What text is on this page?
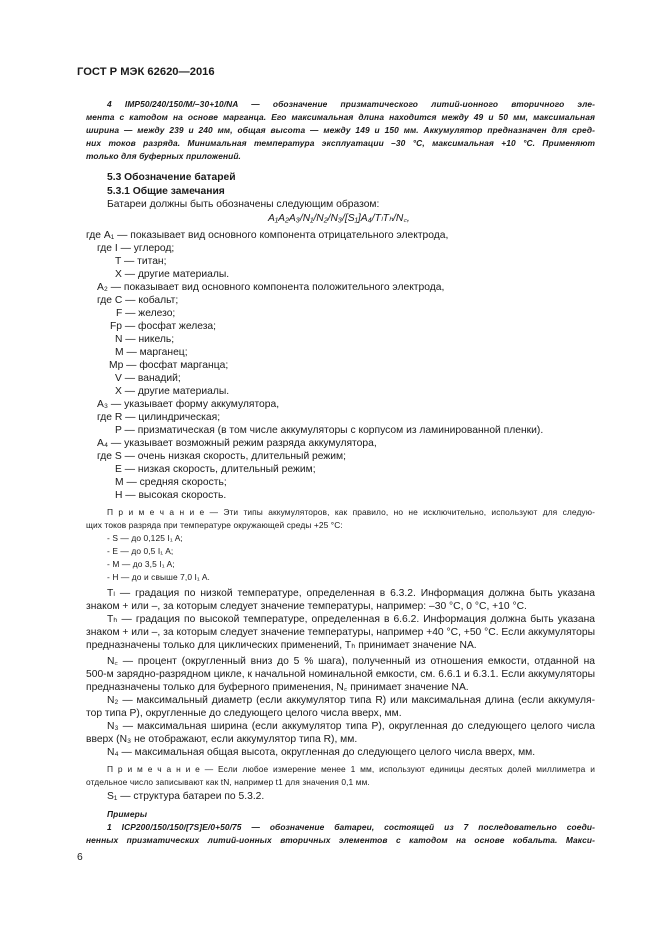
ГОСТ Р МЭК 62620—2016
4 IMP50/240/150/M/–30+10/NA — обозначение призматического литий-ионного вторичного эле-
мента с катодом на основе марганца. Его максимальная длина находится между 49 и 50 мм, максимальная
ширина — между 239 и 240 мм, общая высота — между 149 и 150 мм. Аккумулятор предназначен для сред-
них токов разряда. Минимальная температура эксплуатации –30 °C, максимальная +10 °C. Применяют
только для буферных приложений.
5.3 Обозначение батарей
5.3.1 Общие замечания
Батареи должны быть обозначены следующим образом:
A₁A₂A₃/N₁/N₂/N₃/[S₁]A₄/TₗTₕ/N꜀,
где A₁ — показывает вид основного компонента отрицательного электрода,
где I — углерод;
T — титан;
X — другие материалы.
A₂ — показывает вид основного компонента положительного электрода,
где C — кобальт;
F — железо;
Fp — фосфат железа;
N — никель;
M — марганец;
Mp — фосфат марганца;
V — ванадий;
X — другие материалы.
A₃ — указывает форму аккумулятора,
где R — цилиндрическая;
P — призматическая (в том числе аккумуляторы с корпусом из ламинированной пленки).
A₄ — указывает возможный режим разряда аккумулятора,
где S — очень низкая скорость, длительный режим;
E — низкая скорость, длительный режим;
M — средняя скорость;
H — высокая скорость.
П р и м е ч а н и е — Эти типы аккумуляторов, как правило, но не исключительно, используют для следую-
щих токов разряда при температуре окружающей среды +25 °C:
- S — до 0,125 I₁ A;
- E — до 0,5 I₁ A;
- M — до 3,5 I₁ A;
- H — до и свыше 7,0 I₁ A.
Tₗ — градация по низкой температуре, определенная в 6.3.2. Информация должна быть указана
знаком + или –, за которым следует значение температуры, например: –30 °C, 0 °C, +10 °C.
Tₕ — градация по высокой температуре, определенная в 6.6.2. Информация должна быть указана
знаком + или –, за которым следует значение температуры, например +40 °C, +50 °C. Если аккумуляторы
предназначены только для циклических применений, Tₕ принимает значение NA.
N꜀ — процент (округленный вниз до 5 % шага), полученный из отношения емкости, отданной на
500-м зарядно-разрядном цикле, к начальной номинальной емкости, см. 6.6.1 и 6.3.1. Если аккумуляторы
предназначены только для буферного применения, N꜀ принимает значение NA.
N₂ — максимальный диаметр (если аккумулятор типа R) или максимальная длина (если аккумуля-
тор типа P), округленные до следующего целого числа вверх, мм.
N₃ — максимальная ширина (если аккумулятор типа P), округленная до следующего целого числа
вверх (N₃ не отображают, если аккумулятор типа R), мм.
N₄ — максимальная общая высота, округленная до следующего целого числа вверх, мм.
П р и м е ч а н и е — Если любое измерение менее 1 мм, используют единицы десятых долей миллиметра и
отдельное число записывают как tN, например t1 для значения 0,1 мм.
S₁ — структура батареи по 5.3.2.
Примеры
1 ICP200/150/150/[7S]E/0+50/75 — обозначение батареи, состоящей из 7 последовательно соеди-
ненных призматических литий-ионных вторичных элементов с катодом на основе кобальта. Макси-
6
